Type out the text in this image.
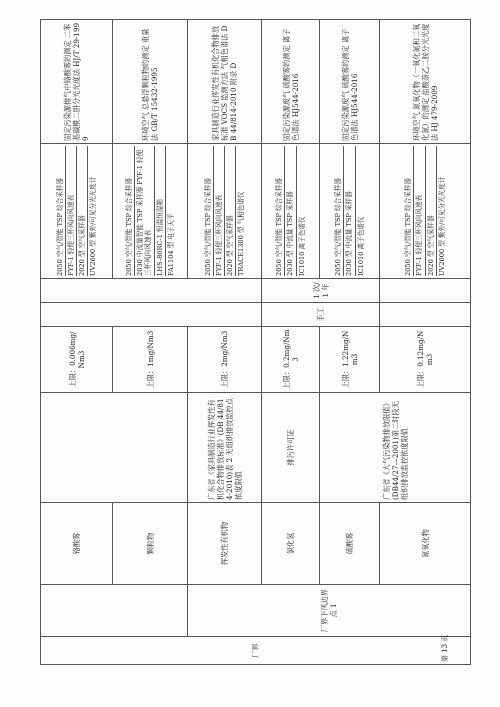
厂界		铬酸雾		上限：0.006mg/Nm3			2050 空气/智能 TSP 综合采样器 FYF-1 轻便三杯风向风速表 2020 型 空气采样器 UV2600 型 紫外/可见分光光度计	固定污染源排气中铬酸雾的测定 二苯基碳酰二肼分光光度法 HJ/T 29-1999
		颗粒物		上限：1mg/Nm3			2050 空气/智能 TSP 综合采样器 2030 中流量智能 TSP 采样器 FYF-1 轻便三杯风向风速表 LHS-80RC-1 恒温恒湿箱 FA1104 型 电子天平	环境空气 总悬浮颗粒物的测定 重量法 GB/T 15432-1995
	厂界下风边界点 1	挥发性有机物	广东省《家具制造行业挥发性有机化合物排放标准》(DB 44/814-2010)表 2 无组织排放监控点浓度限值	上限：2mg/Nm3			2050 空气/智能 TSP 综合采样器 FYF-1 轻便三杯风向风速表 2020 型 空气采样器 TRACE1300 型 气相色谱仪	家具制造行业挥发性有机化合物排放标准 VOCS 监测方法 气相色谱法 DB 44/814-2010 附录 D
		氯化氢	排污许可证	上限：0.2mg/Nm3	手工	1 次/1 年	2050 空气/智能 TSP 综合采样器 2030 型 中流量 TSP 采样器 IC1010 离子色谱仪	固定污染源废气 硫酸雾的测定 离子色谱法 HJ544-2016
		硫酸雾	广东省《大气污染物排放限值》(DB44/27—2001)第二时段无组织排放监控浓度限值	上限：1.22mg/Nm3			2050 空气/智能 TSP 综合采样器 2030 型 中流量 TSP 采样器 IC1010 离子色谱仪	固定污染源废气 硫酸雾的测定 离子色谱法 HJ544-2016
		氮氧化物		上限：0.12mg/Nm3			2050 空气/智能 TSP 综合采样器 FYF-1 轻便三杯风向风速表 2020 型 空气采样器 UV2600 型 紫外/可见分光光度计	环境空气 氮氧化物（一氧化氮和二氧化氮）的测定 盐酸萘乙二胺分光光度法 HJ 479-2009
第 13 页
